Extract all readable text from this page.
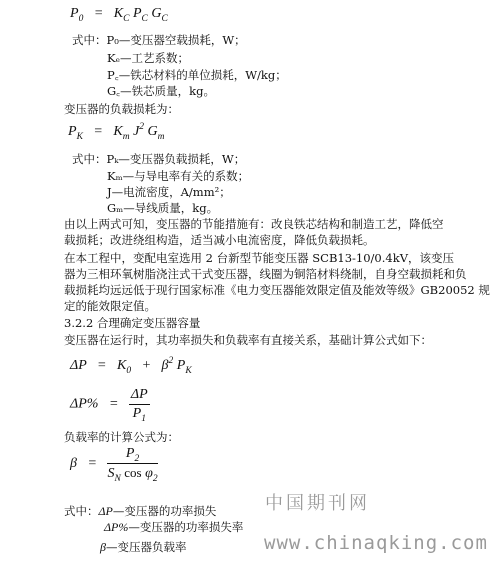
$P_0 = K_C$ $P_C$ $G_C$
式中：P₀—变压器空载损耗，W；
Kₑ—工艺系数；
P꜀—铁芯材料的单位损耗，W/kg；
G꜀—铁芯质量，kg。
变压器的负载损耗为：
$P_K = K_m$ $J^2$ $G_m$
式中：Pₖ—变压器负载损耗，W；
Kₘ—与导电率有关的系数；
J—电流密度，A/mm²；
Gₘ—导线质量，kg。
由以上两式可知，变压器的节能措施有：改良铁芯结构和制造工艺，降低空
载损耗；改进绕组构造，适当减小电流密度，降低负载损耗。
在本工程中，变配电室选用 2 台新型节能变压器 SCB13-10/0.4kV，该变压
器为三相环氧树脂浇注式干式变压器，线圈为铜箔材料绕制，自身空载损耗和负
载损耗均远远低于现行国家标准《电力变压器能效限定值及能效等级》GB20052 规
定的能效限定值。
3.2.2 合理确定变压器容量
变压器在运行时，其功率损失和负载率有直接关系，基础计算公式如下：
$\Delta P = K_0 + \beta^2$ $P_K$
$\Delta P\% = \frac{\Delta P}{P_1}$
负载率的计算公式为：
$\beta = \frac{P_2}{S_N \cos \varphi_2}$
式中：ΔP—变压器的功率损失
ΔP%—变压器的功率损失率
β—变压器负载率
中国期刊网
www.chinaqking.com
